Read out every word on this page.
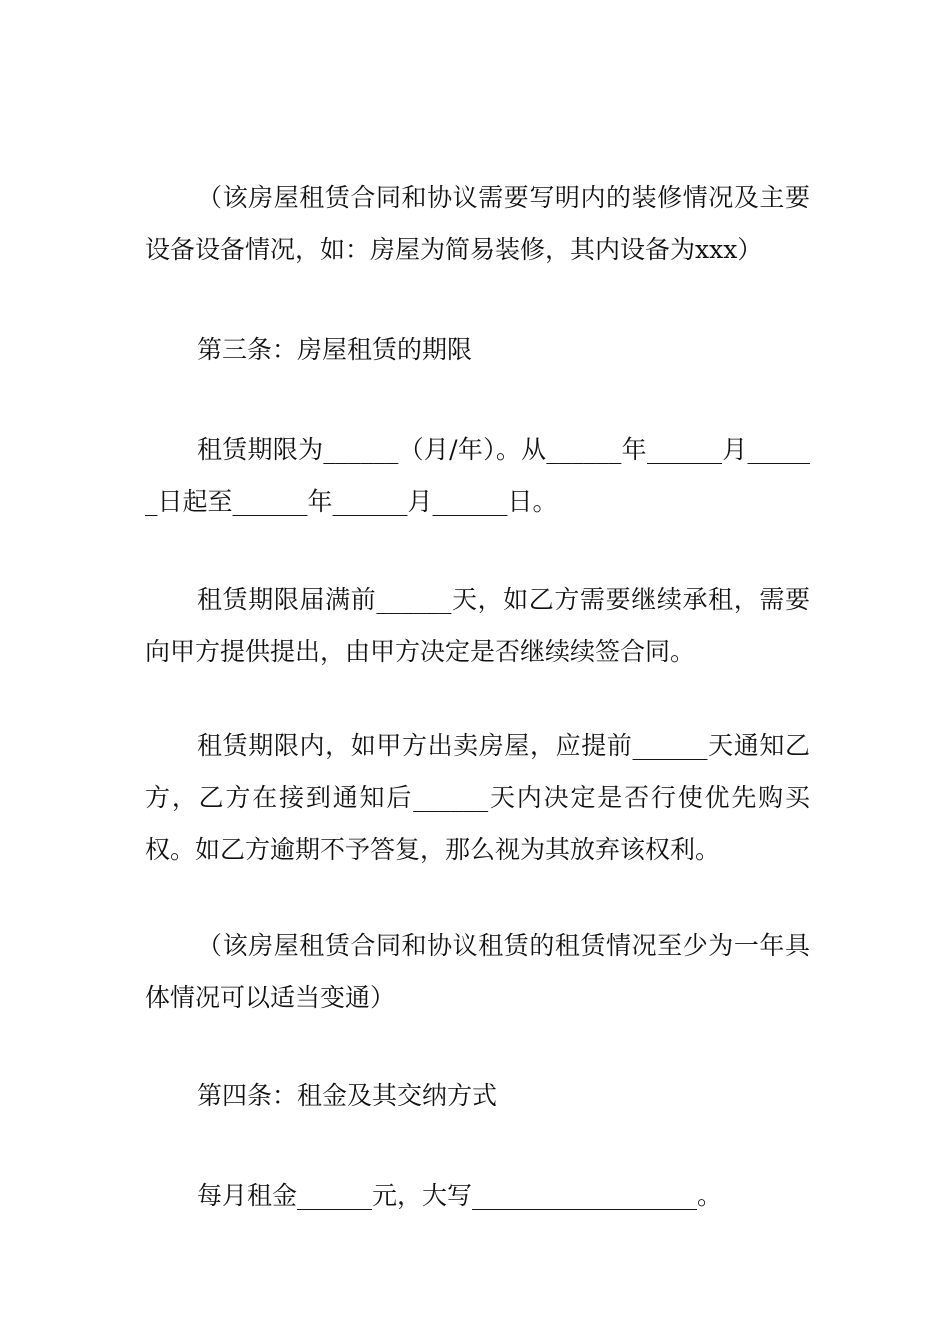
（该房屋租赁合同和协议需要写明内的装修情况及主要设备设备情况，如：房屋为简易装修，其内设备为xxx）

第三条：房屋租赁的期限

租赁期限为______（月/年）。从______年______月______日起至______年______月______日。

租赁期限届满前______天，如乙方需要继续承租，需要向甲方提供提出，由甲方决定是否继续续签合同。

租赁期限内，如甲方出卖房屋，应提前______天通知乙方，乙方在接到通知后______天内决定是否行使优先购买权。如乙方逾期不予答复，那么视为其放弃该权利。

（该房屋租赁合同和协议租赁的租赁情况至少为一年具体情况可以适当变通）

第四条：租金及其交纳方式

每月租金______元，大写__________________。
